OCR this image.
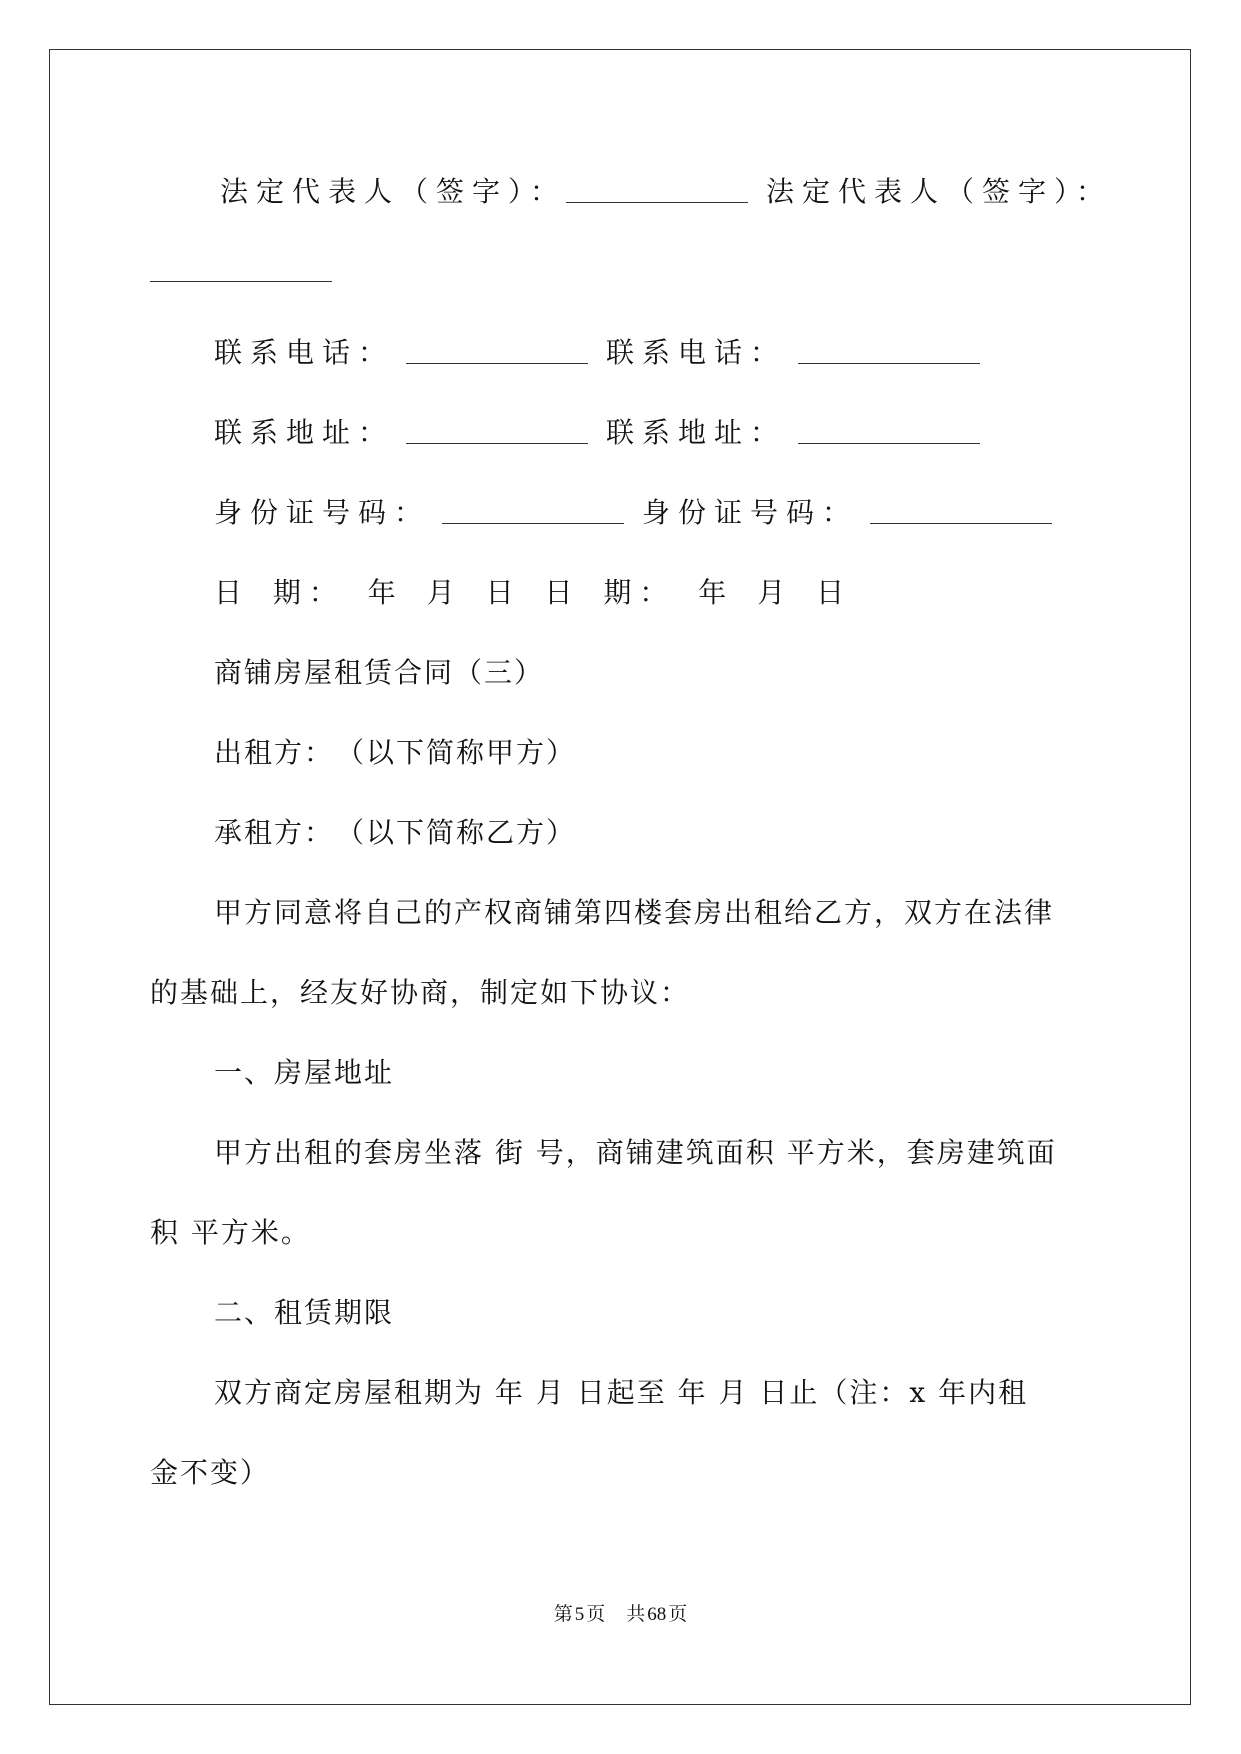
法定代表人（签字）：	法定代表人（签字）：
联系电话：	联系电话：
联系地址：	联系地址：
身份证号码：	身份证号码：
日 期： 年 月 日 日 期： 年 月 日
商铺房屋租赁合同（三）
出租方：　（以下简称甲方）
承租方：　（以下简称乙方）
甲方同意将自己的产权商铺第四楼套房出租给乙方，双方在法律
的基础上，经友好协商，制定如下协议：
一、房屋地址
甲方出租的套房坐落 街 号，商铺建筑面积 平方米，套房建筑面
积 平方米。
二、租赁期限
双方商定房屋租期为 年 月 日起至 年 月 日止（注：x 年内租
金不变）
第 5 页 共 68 页
